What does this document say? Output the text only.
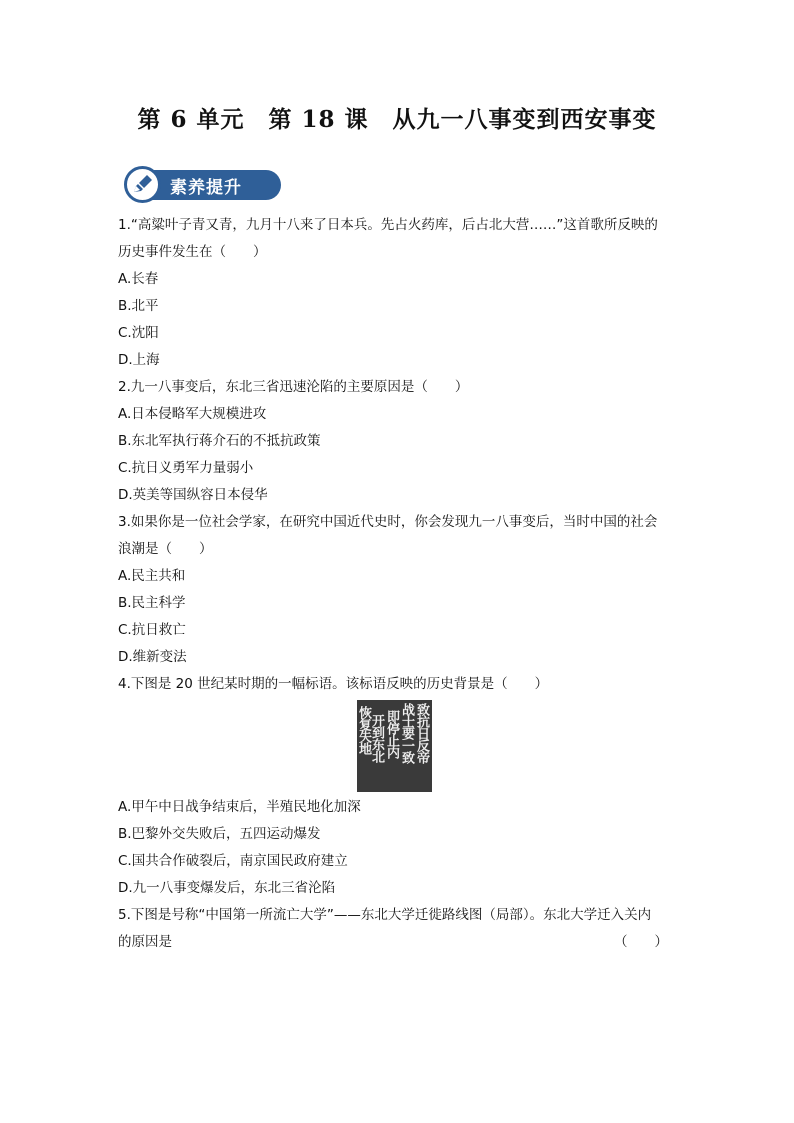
第 6 单元　第 18 课　从九一八事变到西安事变
素养提升
1.“高粱叶子青又青，九月十八来了日本兵。先占火药库，后占北大营……”这首歌所反映的
历史事件发生在（　　）
A.长春
B.北平
C.沈阳
D.上海
2.九一八事变后，东北三省迅速沦陷的主要原因是（　　）
A.日本侵略军大规模进攻
B.东北军执行蒋介石的不抵抗政策
C.抗日义勇军力量弱小
D.英美等国纵容日本侵华
3.如果你是一位社会学家，在研究中国近代史时，你会发现九一八事变后，当时中国的社会
浪潮是（　　）
A.民主共和
B.民主科学
C.抗日救亡
D.维新变法
4.下图是 20 世纪某时期的一幅标语。该标语反映的历史背景是（　　）
致抗日反帝
战士要一致
即停止内
开到东北
恢复失地
A.甲午中日战争结束后，半殖民地化加深
B.巴黎外交失败后，五四运动爆发
C.国共合作破裂后，南京国民政府建立
D.九一八事变爆发后，东北三省沦陷
5.下图是号称“中国第一所流亡大学”——东北大学迁徙路线图（局部）。东北大学迁入关内
的原因是	（　　）
